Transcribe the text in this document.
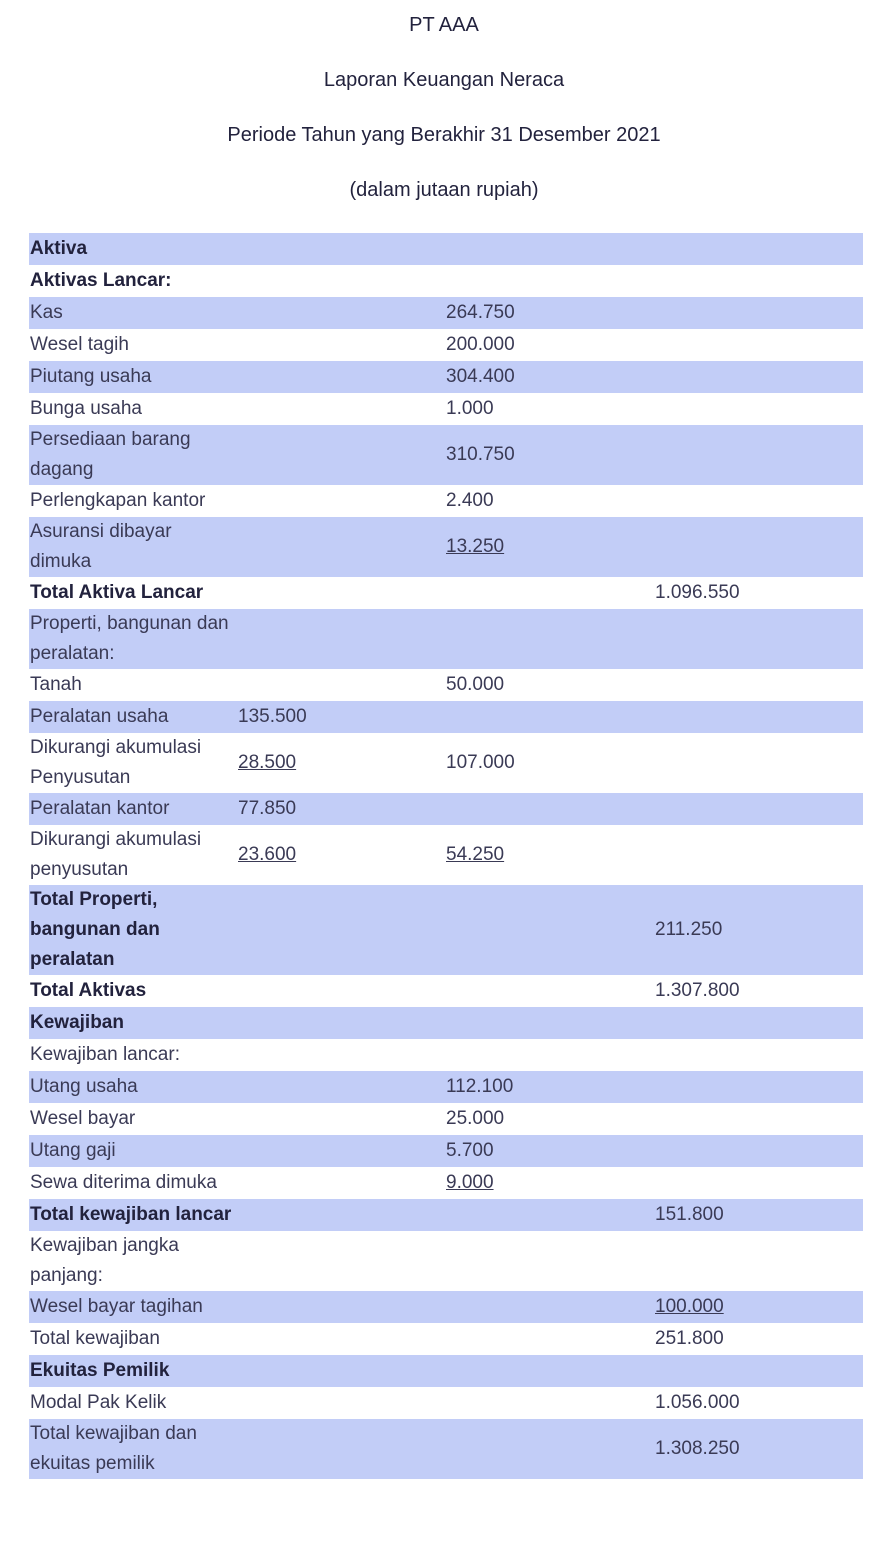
PT AAA
Laporan Keuangan Neraca
Periode Tahun yang Berakhir 31 Desember 2021
(dalam jutaan rupiah)
Aktiva			
Aktivas Lancar:			
Kas		264.750	
Wesel tagih		200.000	
Piutang usaha		304.400	
Bunga usaha		1.000	
Persediaan barang dagang		310.750	
Perlengkapan kantor		2.400	
Asuransi dibayar dimuka		13.250	
Total Aktiva Lancar			1.096.550
Properti, bangunan dan peralatan:			
Tanah		50.000	
Peralatan usaha	135.500		
Dikurangi akumulasi Penyusutan	28.500	107.000	
Peralatan kantor	77.850		
Dikurangi akumulasi penyusutan	23.600	54.250	
Total Properti, bangunan dan peralatan			211.250
Total Aktivas			1.307.800
Kewajiban			
Kewajiban lancar:			
Utang usaha		112.100	
Wesel bayar		25.000	
Utang gaji		5.700	
Sewa diterima dimuka		9.000	
Total kewajiban lancar			151.800
Kewajiban jangka panjang:			
Wesel bayar tagihan			100.000
Total kewajiban			251.800
Ekuitas Pemilik			
Modal Pak Kelik			1.056.000
Total kewajiban dan ekuitas pemilik			1.308.250
